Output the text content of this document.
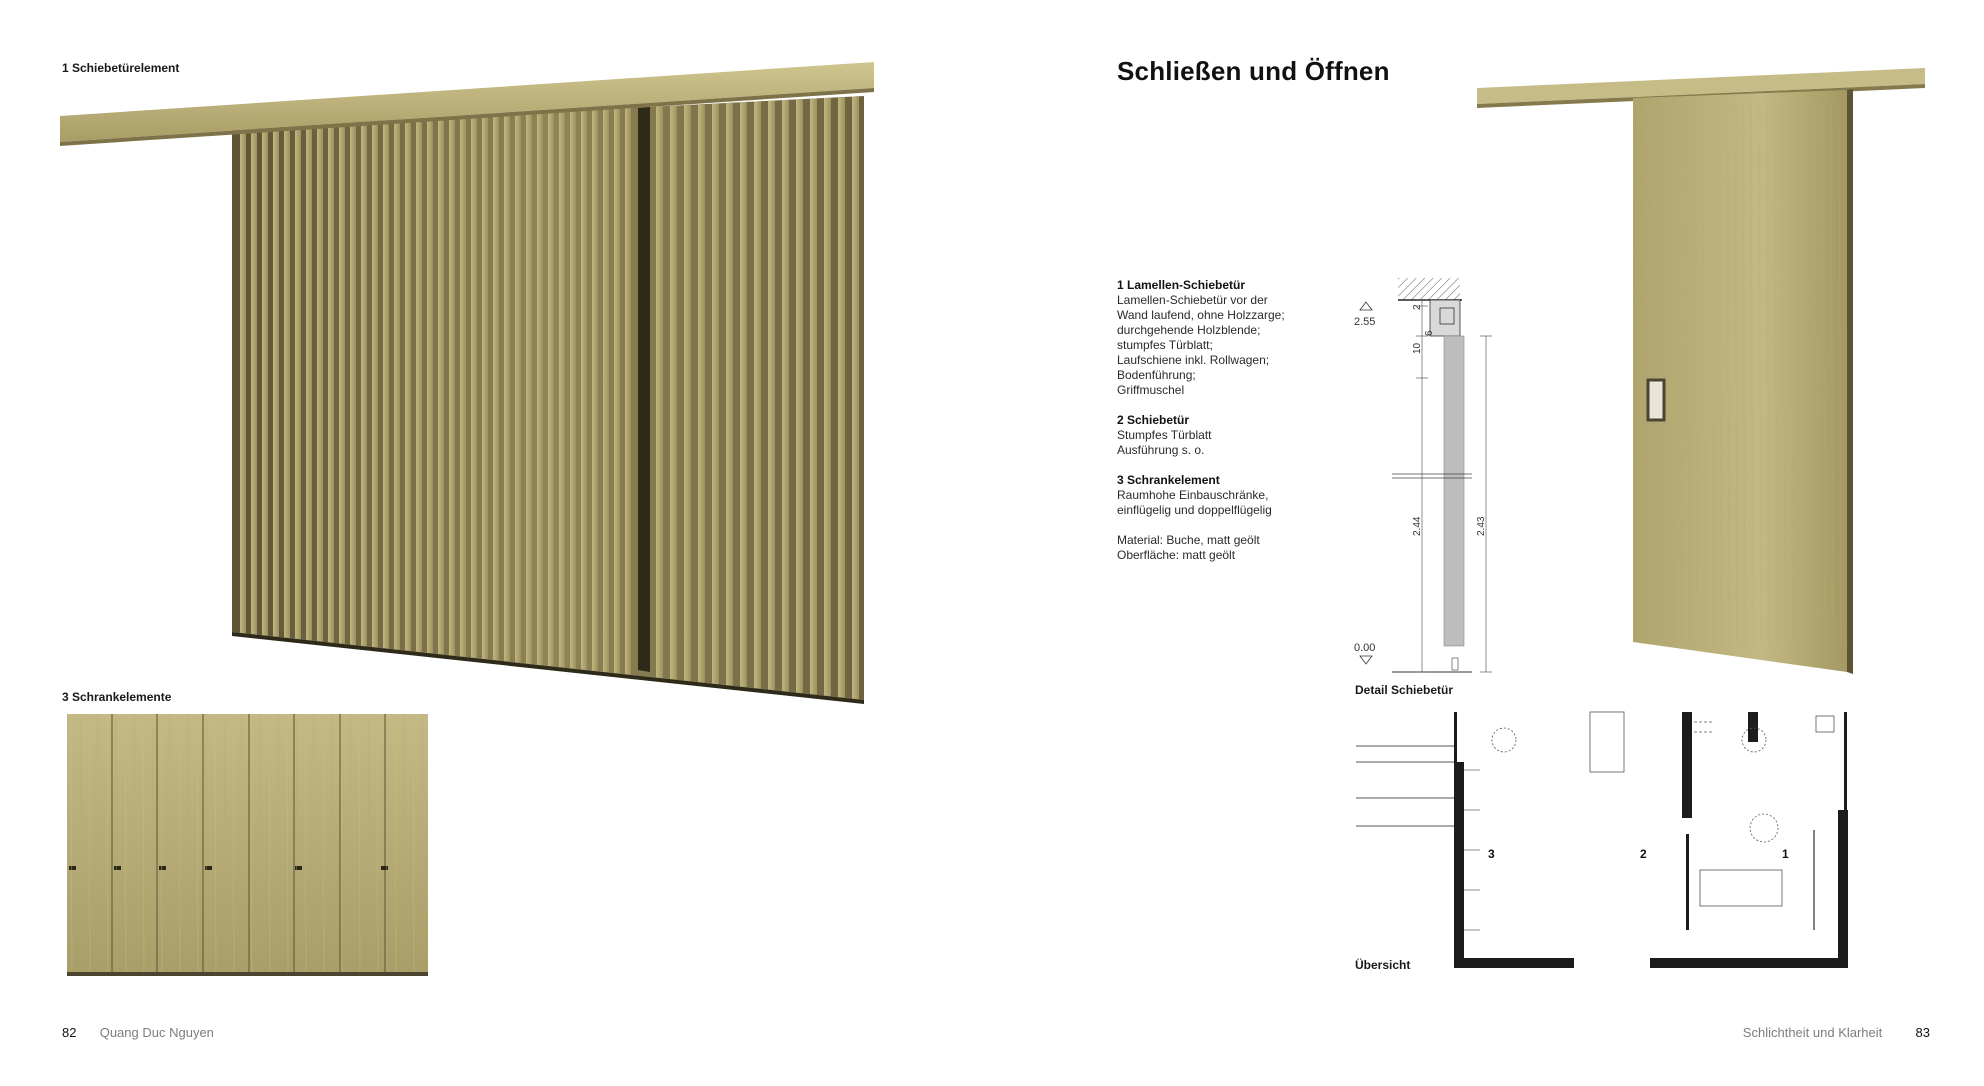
1 Schiebetürelement
3 Schrankelemente
82 Quang Duc Nguyen
Schließen und Öffnen
1 Lamellen-Schiebetür
Lamellen-Schiebetür vor der
Wand laufend, ohne Holzzarge;
durchgehende Holzblende;
stumpfes Türblatt;
Laufschiene inkl. Rollwagen;
Bodenführung;
Griffmuschel
2 Schiebetür
Stumpfes Türblatt
Ausführung s. o.
3 Schrankelement
Raumhohe Einbauschränke,
einflügelig und doppelflügelig
Material: Buche, matt geölt
Oberfläche: matt geölt
2.55
0.00
2
10
6
2.44	2.43
Detail Schiebetür
3	2	1
Übersicht
Schlichtheit und Klarheit	83
